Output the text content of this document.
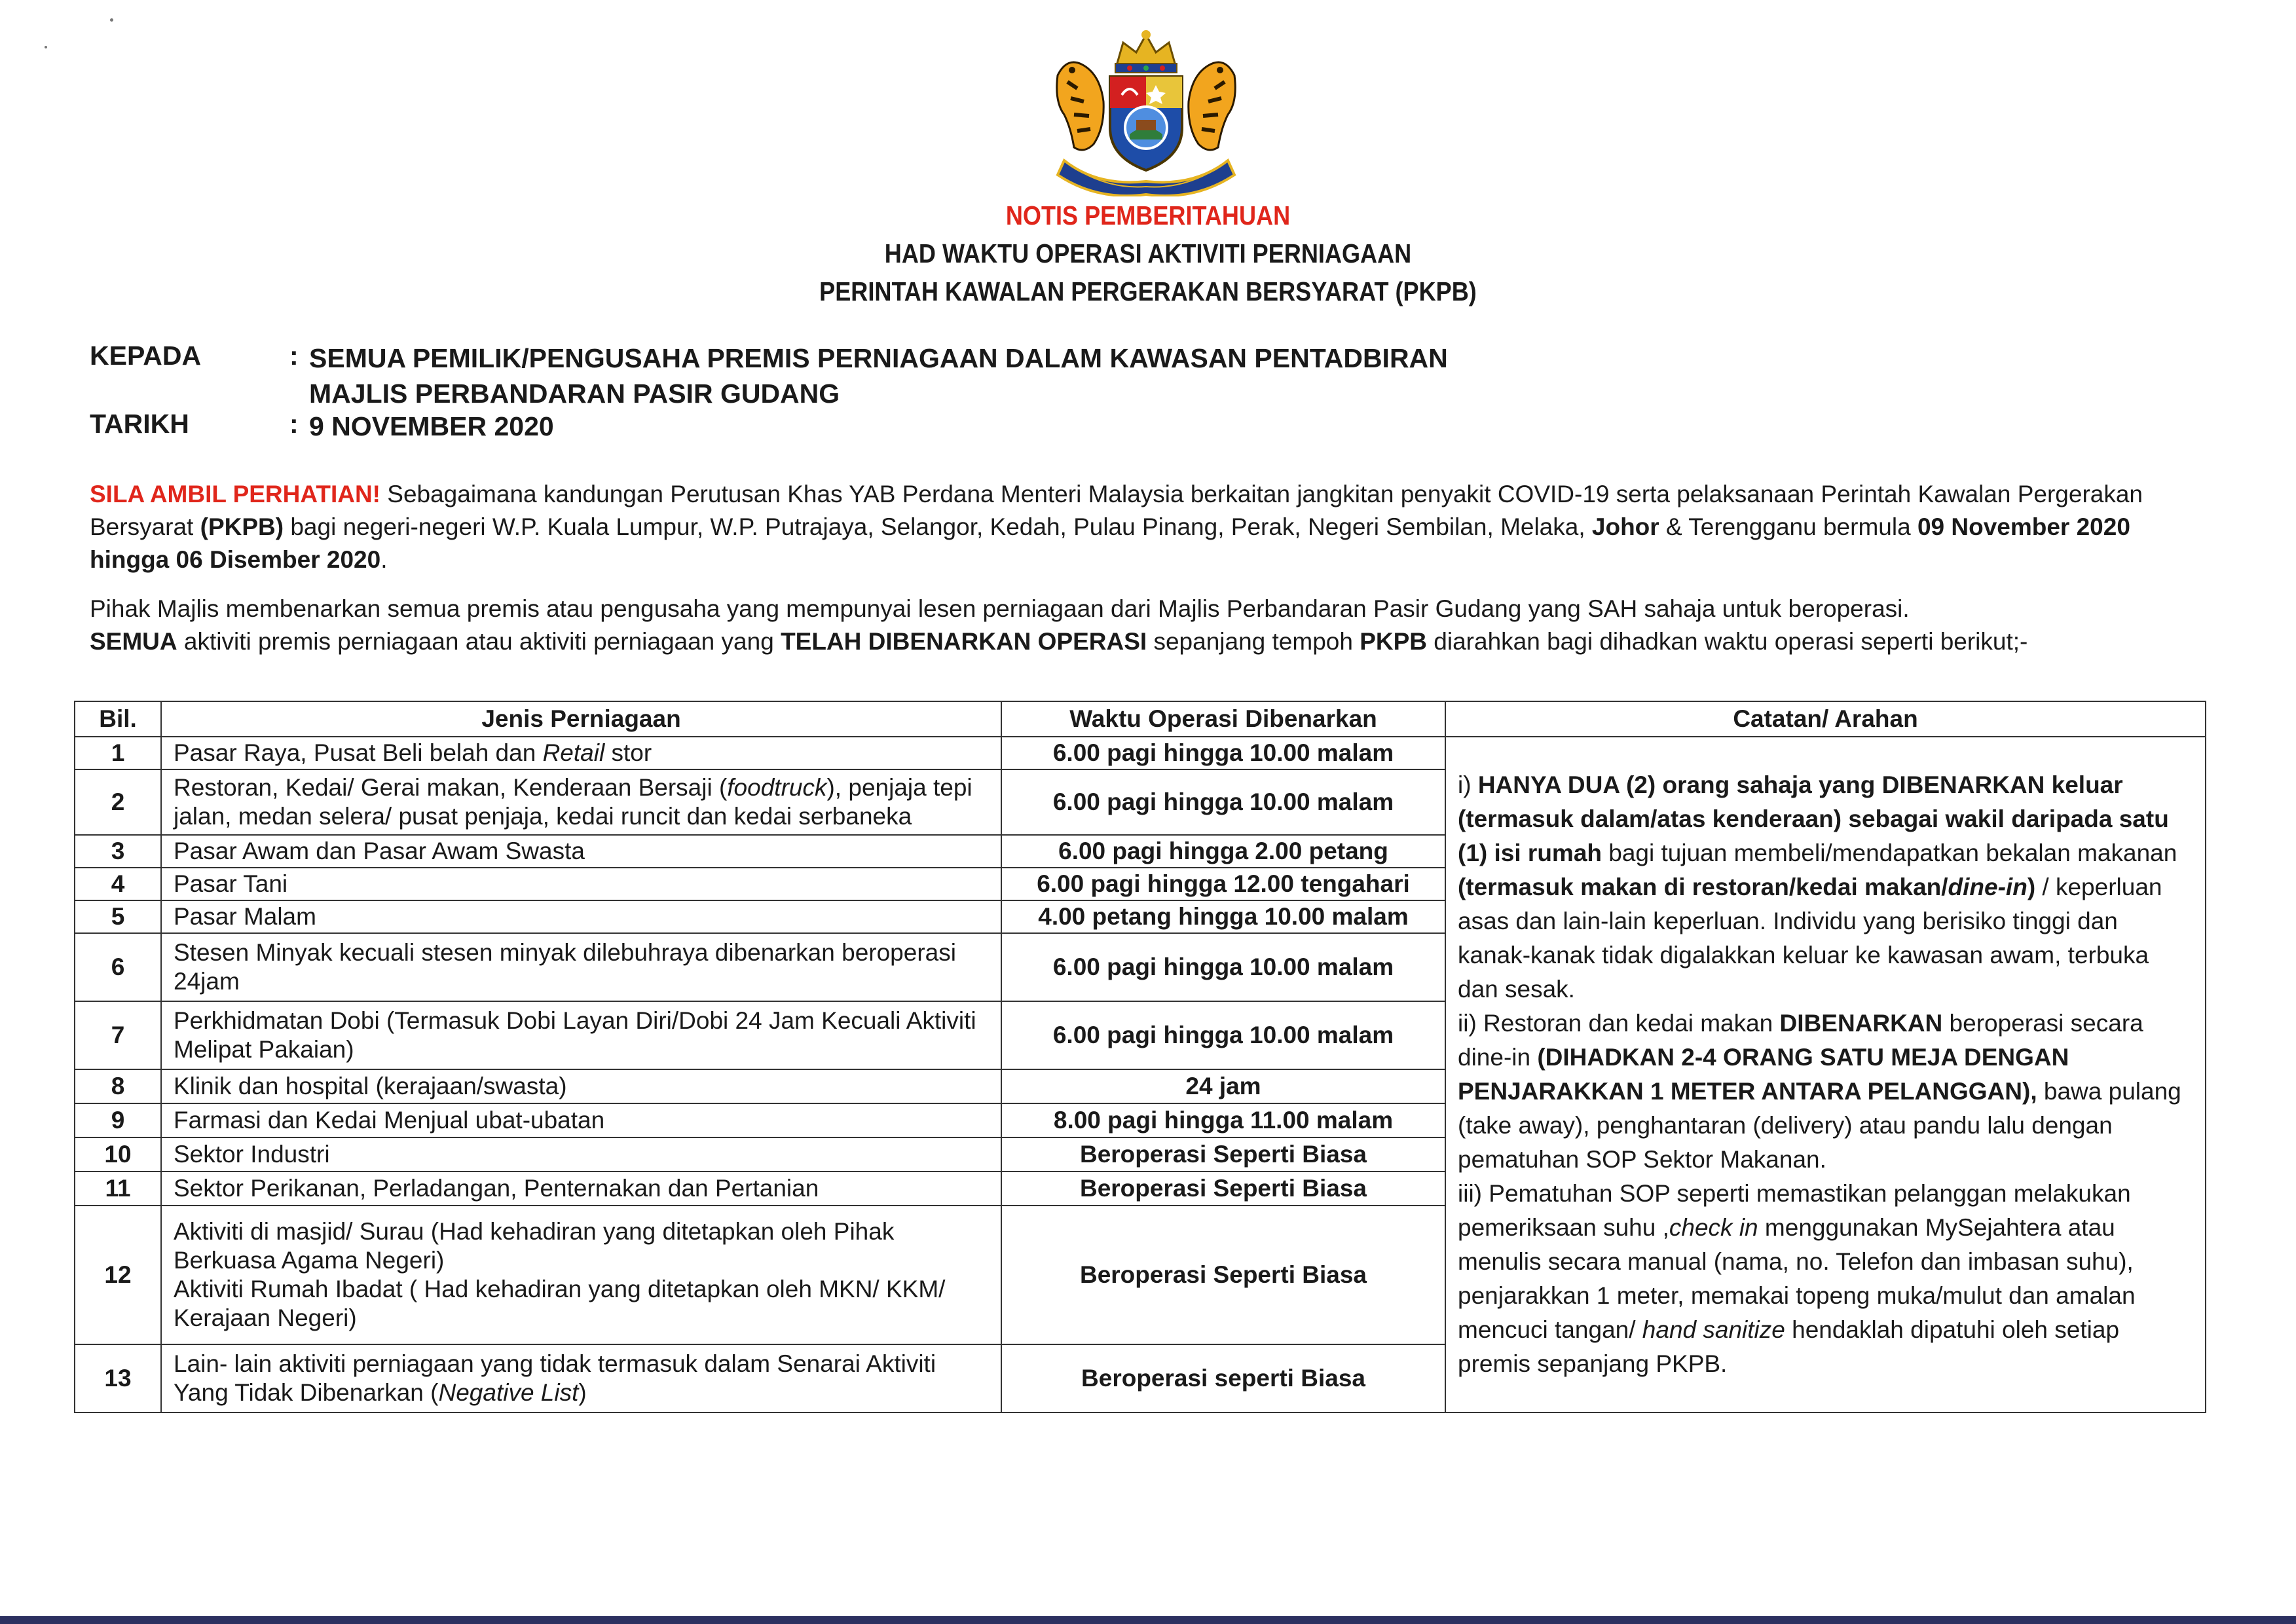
NOTIS PEMBERITAHUAN
HAD WAKTU OPERASI AKTIVITI PERNIAGAAN
PERINTAH KAWALAN PERGERAKAN BERSYARAT (PKPB)
KEPADA	: SEMUA PEMILIK/PENGUSAHA PREMIS PERNIAGAAN DALAM KAWASAN PENTADBIRAN
MAJLIS PERBANDARAN PASIR GUDANG
TARIKH	: 9 NOVEMBER 2020
SILA AMBIL PERHATIAN! Sebagaimana kandungan Perutusan Khas YAB Perdana Menteri Malaysia berkaitan jangkitan penyakit COVID-19 serta pelaksanaan Perintah Kawalan Pergerakan Bersyarat (PKPB) bagi negeri-negeri W.P. Kuala Lumpur, W.P. Putrajaya, Selangor, Kedah, Pulau Pinang, Perak, Negeri Sembilan, Melaka, Johor & Terengganu bermula 09 November 2020 hingga 06 Disember 2020.
Pihak Majlis membenarkan semua premis atau pengusaha yang mempunyai lesen perniagaan dari Majlis Perbandaran Pasir Gudang yang SAH sahaja untuk beroperasi.
SEMUA aktiviti premis perniagaan atau aktiviti perniagaan yang TELAH DIBENARKAN OPERASI sepanjang tempoh PKPB diarahkan bagi dihadkan waktu operasi seperti berikut;-
Bil.	Jenis Perniagaan	Waktu Operasi Dibenarkan	Catatan/ Arahan
1	Pasar Raya, Pusat Beli belah dan Retail stor	6.00 pagi hingga 10.00 malam	i) HANYA DUA (2) orang sahaja yang DIBENARKAN keluar (termasuk dalam/atas kenderaan) sebagai wakil daripada satu (1) isi rumah bagi tujuan membeli/mendapatkan bekalan makanan (termasuk makan di restoran/kedai makan/dine-in) / keperluan asas dan lain-lain keperluan. Individu yang berisiko tinggi dan kanak-kanak tidak digalakkan keluar ke kawasan awam, terbuka dan sesak.
ii) Restoran dan kedai makan DIBENARKAN beroperasi secara dine-in (DIHADKAN 2-4 ORANG SATU MEJA DENGAN PENJARAKKAN 1 METER ANTARA PELANGGAN), bawa pulang (take away), penghantaran (delivery) atau pandu lalu dengan pematuhan SOP Sektor Makanan.
iii) Pematuhan SOP seperti memastikan pelanggan melakukan pemeriksaan suhu ,check in menggunakan MySejahtera atau menulis secara manual (nama, no. Telefon dan imbasan suhu), penjarakkan 1 meter, memakai topeng muka/mulut dan amalan mencuci tangan/ hand sanitize hendaklah dipatuhi oleh setiap premis sepanjang PKPB.
2	Restoran, Kedai/ Gerai makan, Kenderaan Bersaji (foodtruck), penjaja tepi jalan, medan selera/ pusat penjaja, kedai runcit dan kedai serbaneka	6.00 pagi hingga 10.00 malam	
3	Pasar Awam dan Pasar Awam Swasta	6.00 pagi hingga 2.00 petang	
4	Pasar Tani	6.00 pagi hingga 12.00 tengahari	
5	Pasar Malam	4.00 petang hingga 10.00 malam	
6	Stesen Minyak kecuali stesen minyak dilebuhraya dibenarkan beroperasi 24jam	6.00 pagi hingga 10.00 malam	
7	Perkhidmatan Dobi (Termasuk Dobi Layan Diri/Dobi 24 Jam Kecuali Aktiviti Melipat Pakaian)	6.00 pagi hingga 10.00 malam	
8	Klinik dan hospital (kerajaan/swasta)	24 jam	
9	Farmasi dan Kedai Menjual ubat-ubatan	8.00 pagi hingga 11.00 malam	
10	Sektor Industri	Beroperasi Seperti Biasa	
11	Sektor Perikanan, Perladangan, Penternakan dan Pertanian	Beroperasi Seperti Biasa	
12	Aktiviti di masjid/ Surau (Had kehadiran yang ditetapkan oleh Pihak Berkuasa Agama Negeri)
Aktiviti Rumah Ibadat ( Had kehadiran yang ditetapkan oleh MKN/ KKM/ Kerajaan Negeri)	Beroperasi Seperti Biasa	
13	Lain- lain aktiviti perniagaan yang tidak termasuk dalam Senarai Aktiviti Yang Tidak Dibenarkan (Negative List)	Beroperasi seperti Biasa	
